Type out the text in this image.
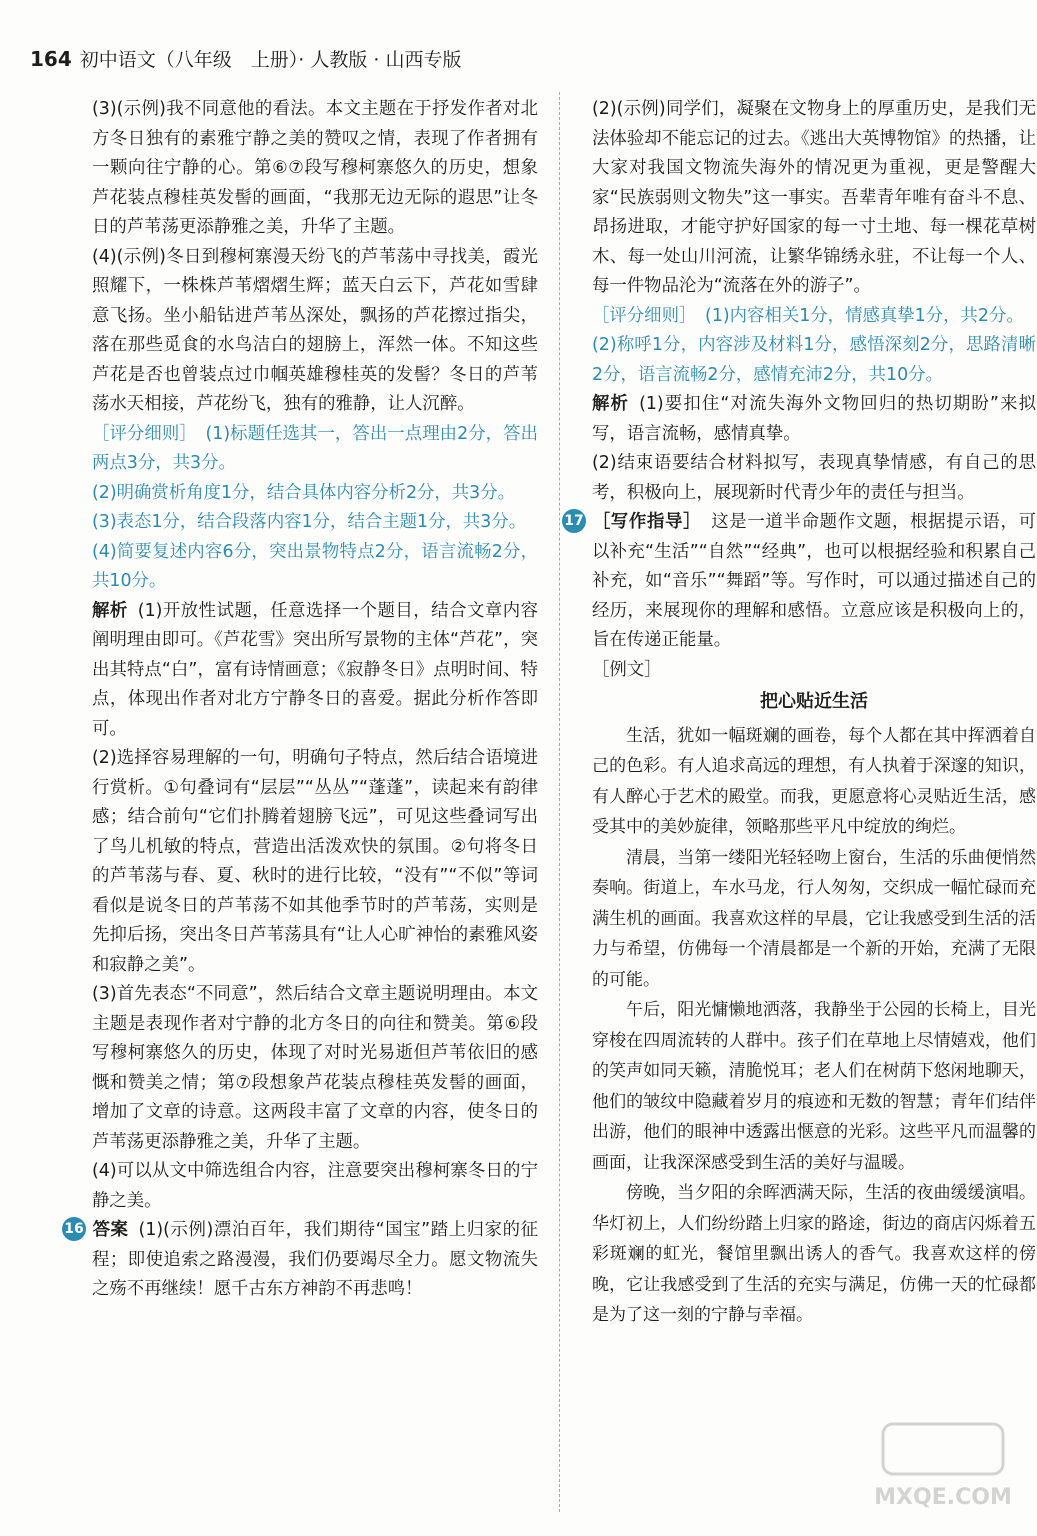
164 初中语文（八年级　上册）· 人教版 · 山西专版

(3)(示例)我不同意他的看法。本文主题在于抒发作者对北方冬日独有的素雅宁静之美的赞叹之情，表现了作者拥有一颗向往宁静的心。第⑥⑦段写穆柯寨悠久的历史，想象芦花装点穆桂英发髻的画面，“我那无边无际的遐思”让冬日的芦苇荡更添静雅之美，升华了主题。

(4)(示例)冬日到穆柯寨漫天纷飞的芦苇荡中寻找美，霞光照耀下，一株株芦苇熠熠生辉；蓝天白云下，芦花如雪肆意飞扬。坐小船钻进芦苇丛深处，飘扬的芦花擦过指尖，落在那些觅食的水鸟洁白的翅膀上，浑然一体。不知这些芦花是否也曾装点过巾帼英雄穆桂英的发髻？冬日的芦苇荡水天相接，芦花纷飞，独有的雅静，让人沉醉。

［评分细则］　(1)标题任选其一，答出一点理由2分，答出两点3分，共3分。

(2)明确赏析角度1分，结合具体内容分析2分，共3分。

(3)表态1分，结合段落内容1分，结合主题1分，共3分。

(4)简要复述内容6分，突出景物特点2分，语言流畅2分，共10分。

解析 (1)开放性试题，任意选择一个题目，结合文章内容阐明理由即可。《芦花雪》突出所写景物的主体“芦花”，突出其特点“白”，富有诗情画意；《寂静冬日》点明时间、特点，体现出作者对北方宁静冬日的喜爱。据此分析作答即可。

(2)选择容易理解的一句，明确句子特点，然后结合语境进行赏析。①句叠词有“层层”“丛丛”“蓬蓬”，读起来有韵律感；结合前句“它们扑腾着翅膀飞远”，可见这些叠词写出了鸟儿机敏的特点，营造出活泼欢快的氛围。②句将冬日的芦苇荡与春、夏、秋时的进行比较，“没有”“不似”等词看似是说冬日的芦苇荡不如其他季节时的芦苇荡，实则是先抑后扬，突出冬日芦苇荡具有“让人心旷神怡的素雅风姿和寂静之美”。

(3)首先表态“不同意”，然后结合文章主题说明理由。本文主题是表现作者对宁静的北方冬日的向往和赞美。第⑥段写穆柯寨悠久的历史，体现了对时光易逝但芦苇依旧的感慨和赞美之情；第⑦段想象芦花装点穆桂英发髻的画面，增加了文章的诗意。这两段丰富了文章的内容，使冬日的芦苇荡更添静雅之美，升华了主题。

(4)可以从文中筛选组合内容，注意要突出穆柯寨冬日的宁静之美。

16 答案 (1)(示例)漂泊百年，我们期待“国宝”踏上归家的征程；即使追索之路漫漫，我们仍要竭尽全力。愿文物流失之殇不再继续！愿千古东方神韵不再悲鸣！

(2)(示例)同学们，凝聚在文物身上的厚重历史，是我们无法体验却不能忘记的过去。《逃出大英博物馆》的热播，让大家对我国文物流失海外的情况更为重视，更是警醒大家“民族弱则文物失”这一事实。吾辈青年唯有奋斗不息、昂扬进取，才能守护好国家的每一寸土地、每一棵花草树木、每一处山川河流，让繁华锦绣永驻，不让每一个人、每一件物品沦为“流落在外的游子”。

［评分细则］　(1)内容相关1分，情感真挚1分，共2分。

(2)称呼1分，内容涉及材料1分，感悟深刻2分，思路清晰2分，语言流畅2分，感情充沛2分，共10分。

解析 (1)要扣住“对流失海外文物回归的热切期盼”来拟写，语言流畅，感情真挚。

(2)结束语要结合材料拟写，表现真挚情感，有自己的思考，积极向上，展现新时代青少年的责任与担当。

17 ［写作指导］ 这是一道半命题作文题，根据提示语，可以补充“生活”“自然”“经典”，也可以根据经验和积累自己补充，如“音乐”“舞蹈”等。写作时，可以通过描述自己的经历，来展现你的理解和感悟。立意应该是积极向上的，旨在传递正能量。

［例文］

把心贴近生活

生活，犹如一幅斑斓的画卷，每个人都在其中挥洒着自己的色彩。有人追求高远的理想，有人执着于深邃的知识，有人醉心于艺术的殿堂。而我，更愿意将心灵贴近生活，感受其中的美妙旋律，领略那些平凡中绽放的绚烂。

清晨，当第一缕阳光轻轻吻上窗台，生活的乐曲便悄然奏响。街道上，车水马龙，行人匆匆，交织成一幅忙碌而充满生机的画面。我喜欢这样的早晨，它让我感受到生活的活力与希望，仿佛每一个清晨都是一个新的开始，充满了无限的可能。

午后，阳光慵懒地洒落，我静坐于公园的长椅上，目光穿梭在四周流转的人群中。孩子们在草地上尽情嬉戏，他们的笑声如同天籁，清脆悦耳；老人们在树荫下悠闲地聊天，他们的皱纹中隐藏着岁月的痕迹和无数的智慧；青年们结伴出游，他们的眼神中透露出惬意的光彩。这些平凡而温馨的画面，让我深深感受到生活的美好与温暖。

傍晚，当夕阳的余晖洒满天际，生活的夜曲缓缓演唱。华灯初上，人们纷纷踏上归家的路途，街边的商店闪烁着五彩斑斓的虹光，餐馆里飘出诱人的香气。我喜欢这样的傍晚，它让我感受到了生活的充实与满足，仿佛一天的忙碌都是为了这一刻的宁静与幸福。

MXQE.COM
